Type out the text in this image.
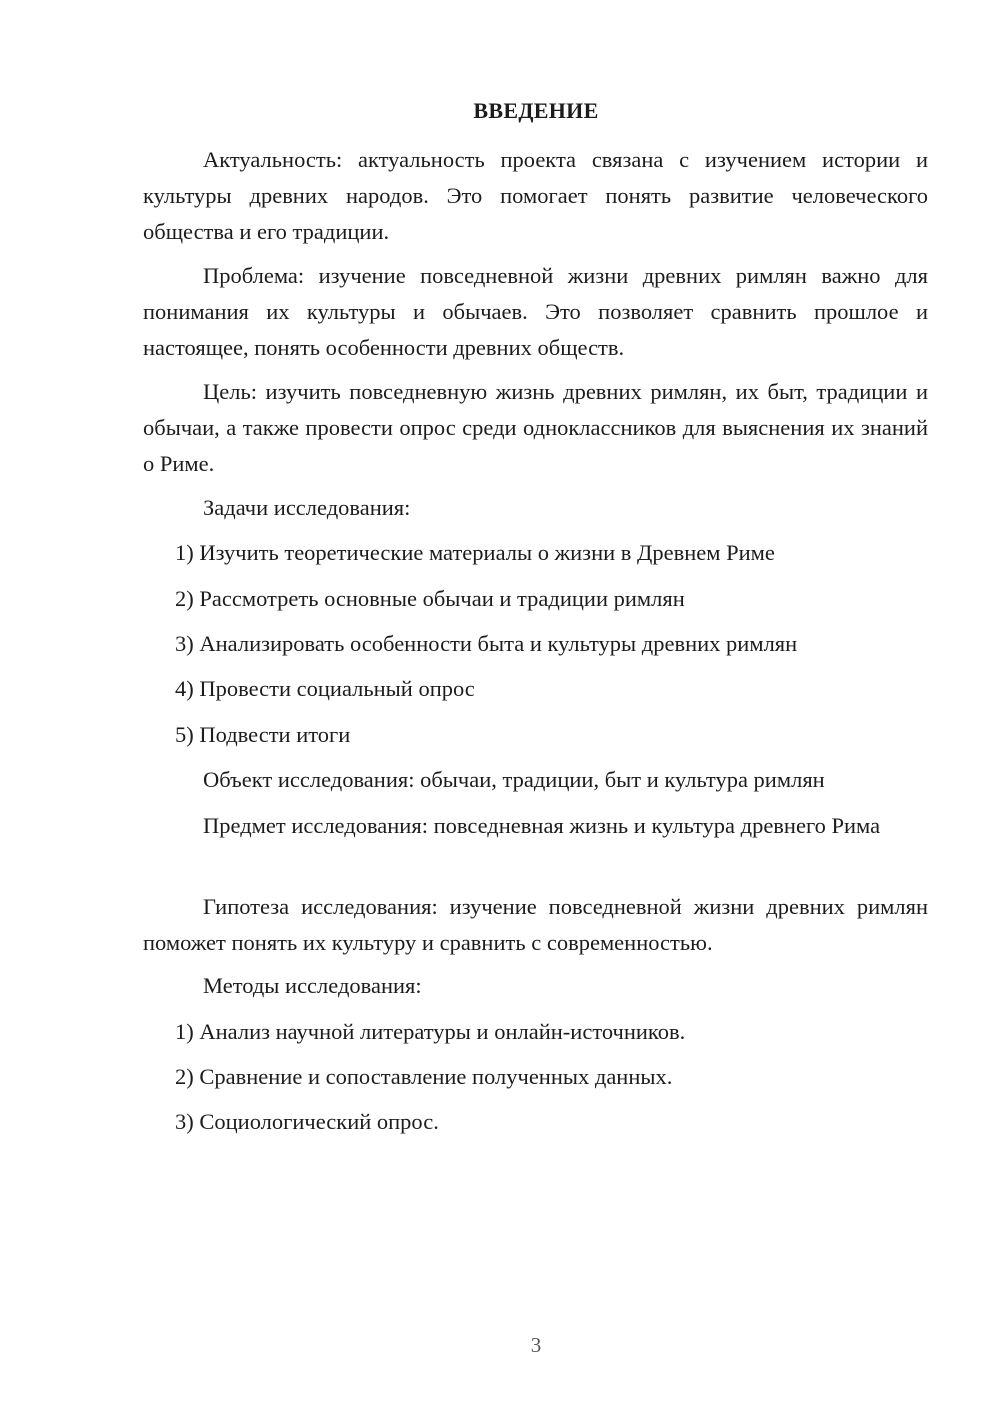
ВВЕДЕНИЕ

Актуальность: актуальность проекта связана с изучением истории и культуры древних народов. Это помогает понять развитие человеческого общества и его традиции.

Проблема: изучение повседневной жизни древних римлян важно для понимания их культуры и обычаев. Это позволяет сравнить прошлое и настоящее, понять особенности древних обществ.

Цель: изучить повседневную жизнь древних римлян, их быт, традиции и обычаи, а также провести опрос среди одноклассников для выяснения их знаний о Риме.

Задачи исследования:
1) Изучить теоретические материалы о жизни в Древнем Риме
2) Рассмотреть основные обычаи и традиции римлян
3) Анализировать особенности быта и культуры древних римлян
4) Провести социальный опрос
5) Подвести итоги
Объект исследования: обычаи, традиции, быт и культура римлян

Предмет исследования: повседневная жизнь и культура древнего Рима

Гипотеза исследования: изучение повседневной жизни древних римлян поможет понять их культуру и сравнить с современностью.

Методы исследования:
1) Анализ научной литературы и онлайн-источников.
2) Сравнение и сопоставление полученных данных.
3) Социологический опрос.
3
